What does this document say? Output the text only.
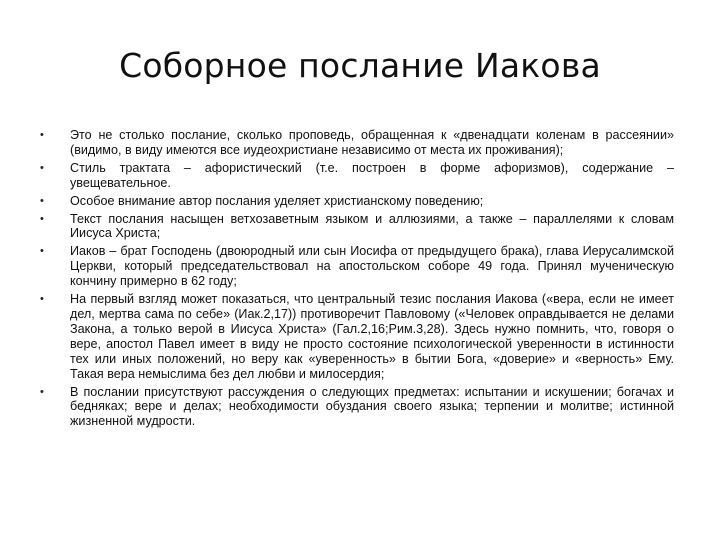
Соборное послание Иакова
•	Это не столько послание, сколько проповедь, обращенная к «двенадцати коленам в рассеянии» (видимо, в виду имеются все иудеохристиане независимо от места их проживания);
•	Стиль трактата – афористический (т.е. построен в форме афоризмов), содержание – увещевательное.
•	Особое внимание автор послания уделяет христианскому поведению;
•	Текст послания насыщен ветхозаветным языком и аллюзиями, а также – параллелями к словам Иисуса Христа;
•	Иаков – брат Господень (двоюродный или сын Иосифа от предыдущего брака), глава Иерусалимской Церкви, который председательствовал на апостольском соборе 49 года. Принял мученическую кончину примерно в 62 году;
•	На первый взгляд может показаться, что центральный тезис послания Иакова («вера, если не имеет дел, мертва сама по себе» (Иак.2,17)) противоречит Павловому («Человек оправдывается не делами Закона, а только верой в Иисуса Христа» (Гал.2,16;Рим.3,28). Здесь нужно помнить, что, говоря о вере, апостол Павел имеет в виду не просто состояние психологической уверенности в истинности тех или иных положений, но веру как «уверенность» в бытии Бога, «доверие» и «верность» Ему. Такая вера немыслима без дел любви и милосердия;
•	В послании присутствуют рассуждения о следующих предметах: испытании и искушении; богачах и бедняках; вере и делах; необходимости обуздания своего языка; терпении и молитве; истинной жизненной мудрости.
